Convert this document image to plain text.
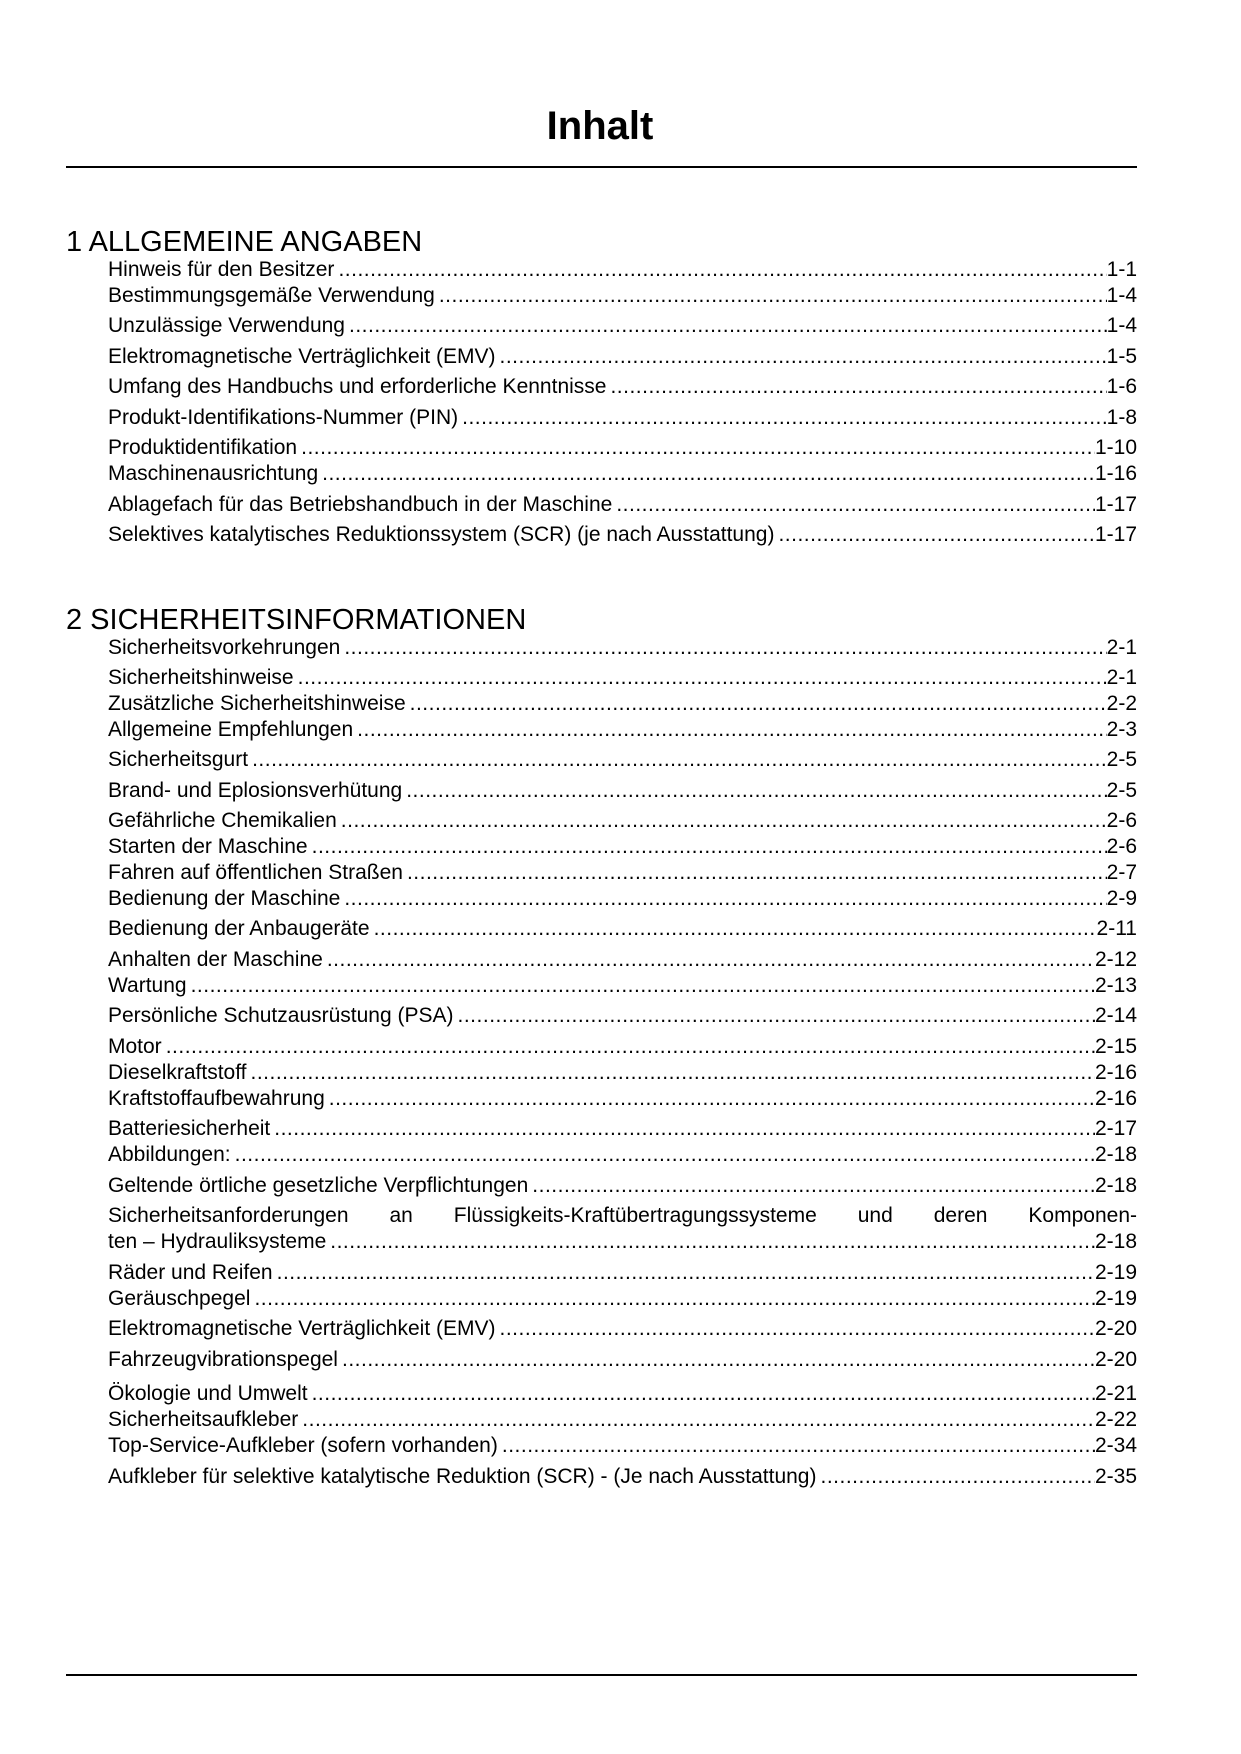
Inhalt
1 ALLGEMEINE ANGABEN
Hinweis für den Besitzer .....	1-1
Bestimmungsgemäße Verwendung .....	1-4
Unzulässige Verwendung .....	1-4
Elektromagnetische Verträglichkeit (EMV) .....	1-5
Umfang des Handbuchs und erforderliche Kenntnisse .....	1-6
Produkt-Identifikations-Nummer (PIN) .....	1-8
Produktidentifikation .....	1-10
Maschinenausrichtung .....	1-16
Ablagefach für das Betriebshandbuch in der Maschine .....	1-17
Selektives katalytisches Reduktionssystem (SCR) (je nach Ausstattung) .....	1-17
2 SICHERHEITSINFORMATIONEN
Sicherheitsvorkehrungen .....	2-1
Sicherheitshinweise .....	2-1
Zusätzliche Sicherheitshinweise .....	2-2
Allgemeine Empfehlungen .....	2-3
Sicherheitsgurt .....	2-5
Brand- und Eplosionsverhütung .....	2-5
Gefährliche Chemikalien .....	2-6
Starten der Maschine .....	2-6
Fahren auf öffentlichen Straßen .....	2-7
Bedienung der Maschine .....	2-9
Bedienung der Anbaugeräte .....	2-11
Anhalten der Maschine .....	2-12
Wartung .....	2-13
Persönliche Schutzausrüstung (PSA) .....	2-14
Motor .....	2-15
Dieselkraftstoff .....	2-16
Kraftstoffaufbewahrung .....	2-16
Batteriesicherheit .....	2-17
Abbildungen: .....	2-18
Geltende örtliche gesetzliche Verpflichtungen .....	2-18
Sicherheitsanforderungen an Flüssigkeits-Kraftübertragungssysteme und deren Komponen-
ten – Hydrauliksysteme .....	2-18
Räder und Reifen .....	2-19
Geräuschpegel .....	2-19
Elektromagnetische Verträglichkeit (EMV) .....	2-20
Fahrzeugvibrationspegel .....	2-20
Ökologie und Umwelt .....	2-21
Sicherheitsaufkleber .....	2-22
Top-Service-Aufkleber (sofern vorhanden) .....	2-34
Aufkleber für selektive katalytische Reduktion (SCR) - (Je nach Ausstattung) .....	2-35
